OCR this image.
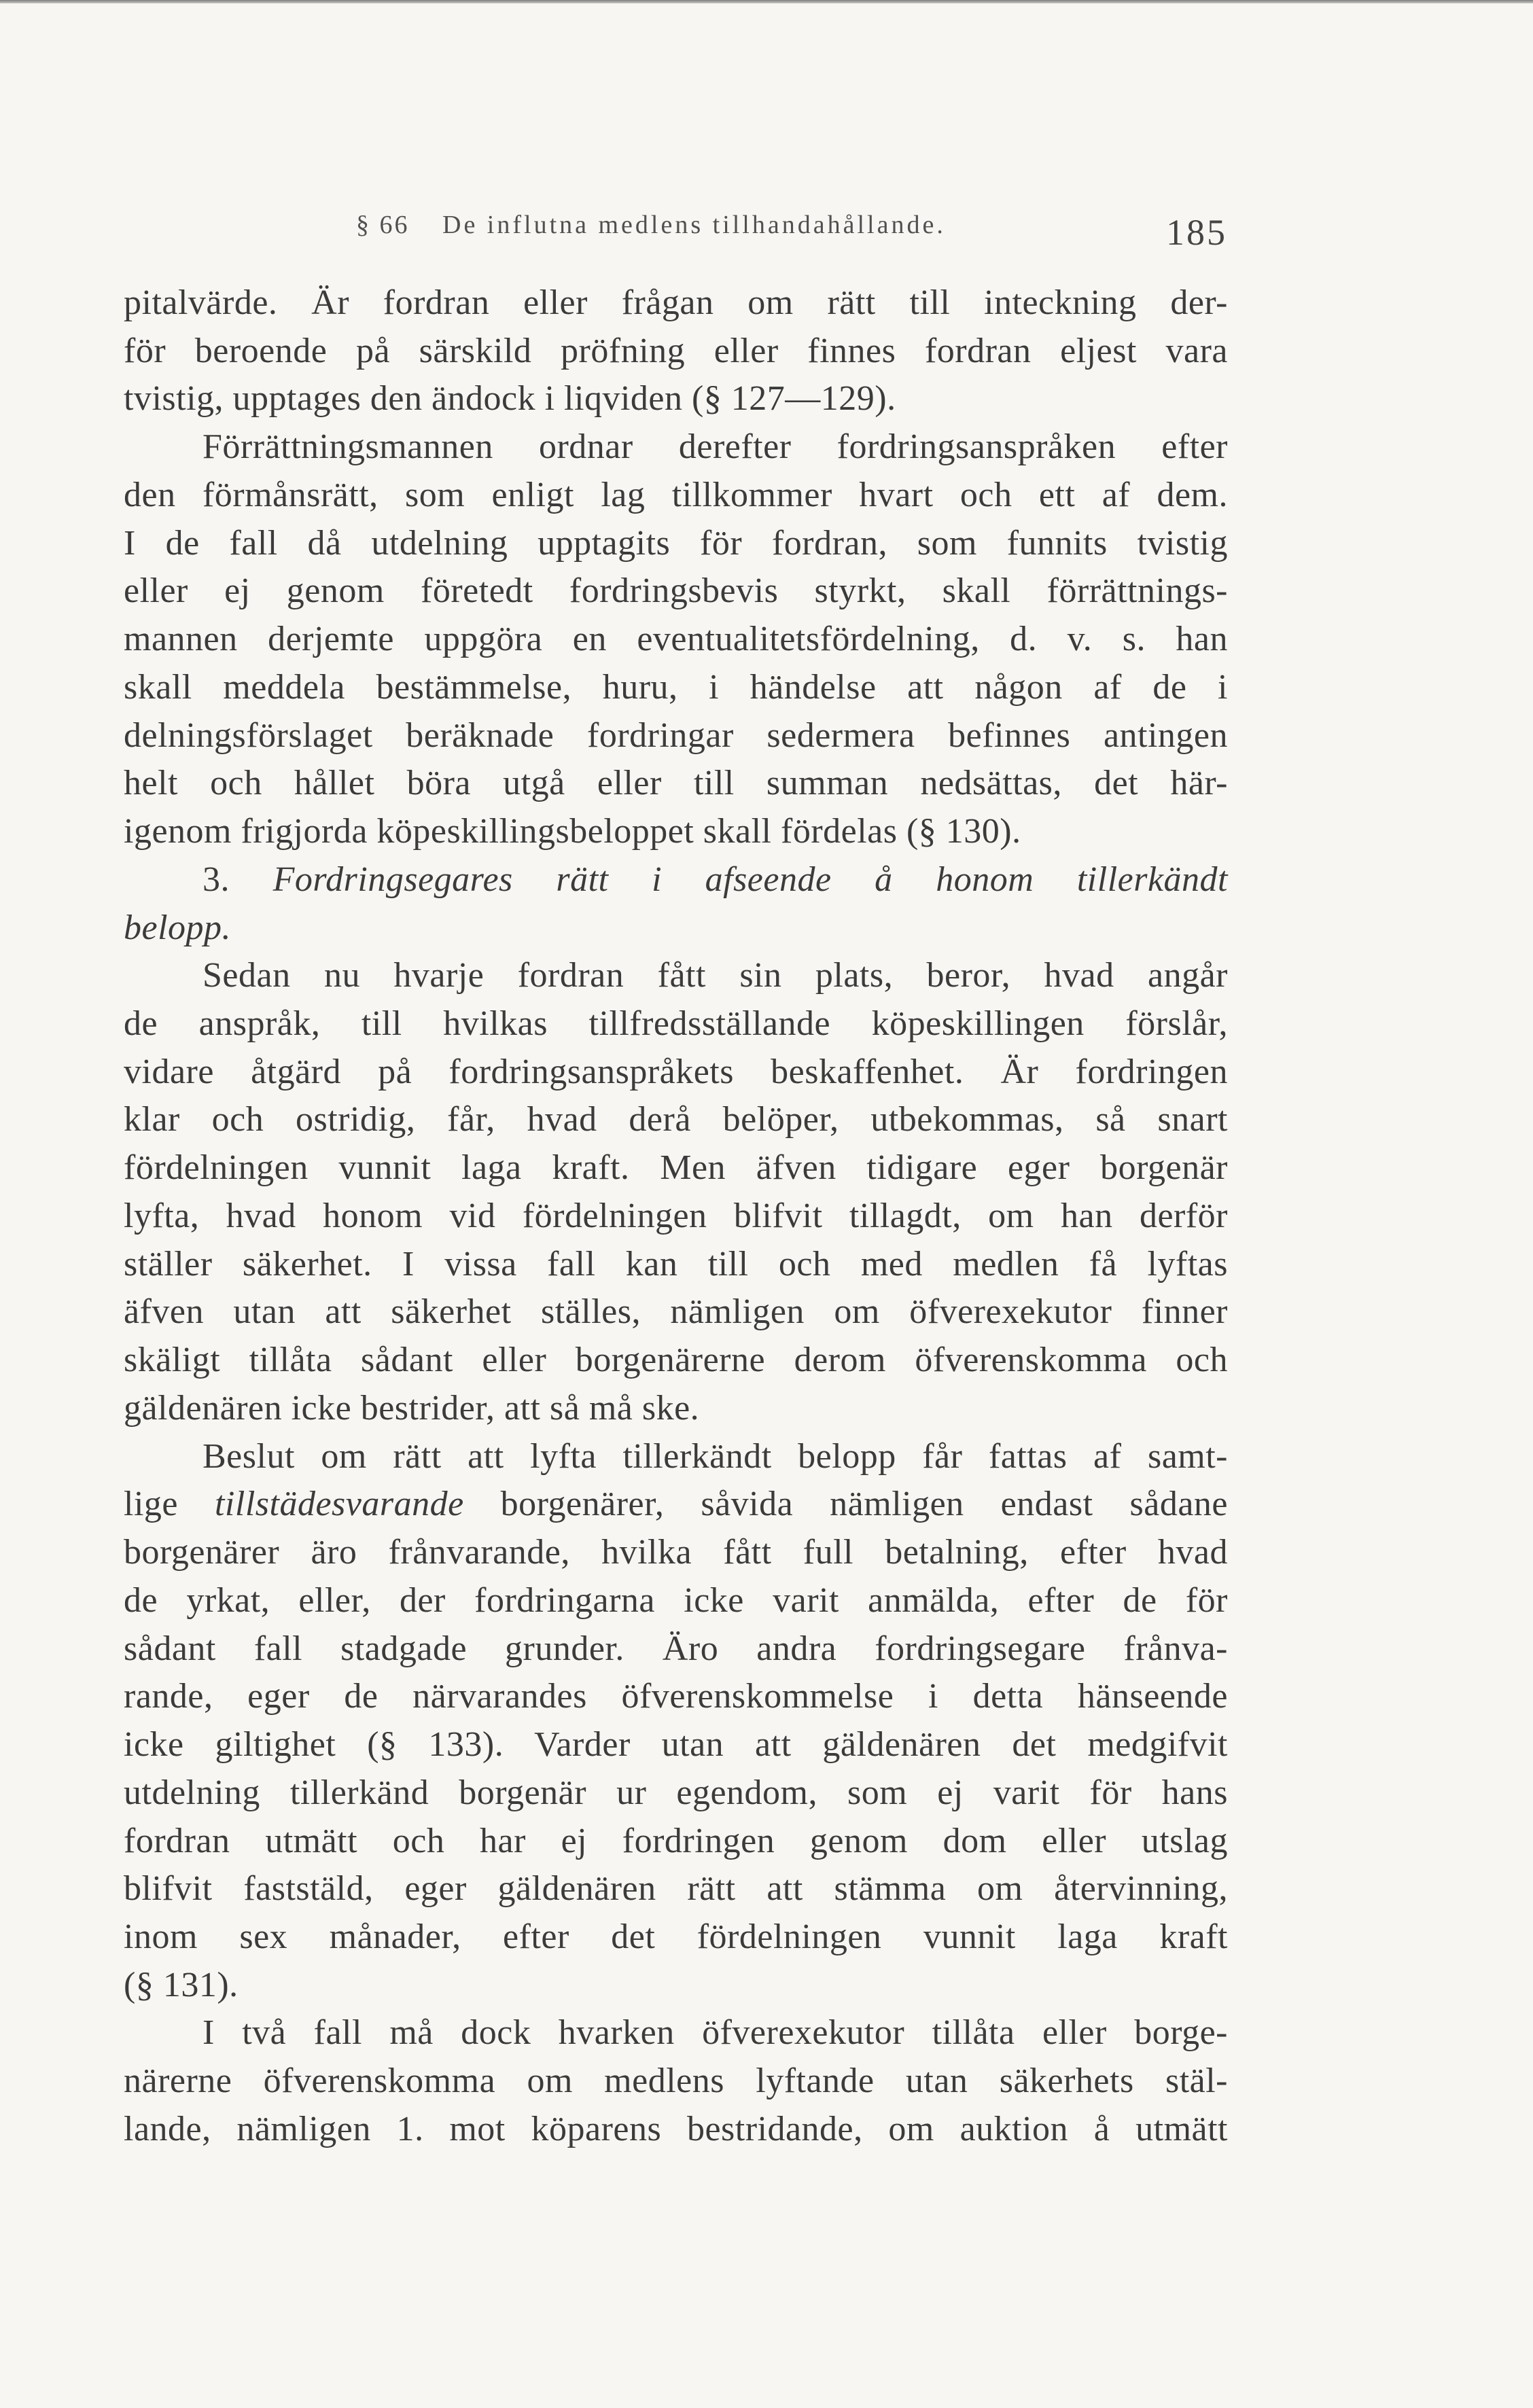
§ 66 De influtna medlens tillhandahållande.	185
pitalvärde. Är fordran eller frågan om rätt till inteckning der-
för beroende på särskild pröfning eller finnes fordran eljest vara
tvistig, upptages den ändock i liqviden (§ 127—129).
Förrättningsmannen ordnar derefter fordringsanspråken efter
den förmånsrätt, som enligt lag tillkommer hvart och ett af dem.
I de fall då utdelning upptagits för fordran, som funnits tvistig
eller ej genom företedt fordringsbevis styrkt, skall förrättnings-
mannen derjemte uppgöra en eventualitetsfördelning, d. v. s. han
skall meddela bestämmelse, huru, i händelse att någon af de i
delningsförslaget beräknade fordringar sedermera befinnes antingen
helt och hållet böra utgå eller till summan nedsättas, det här-
igenom frigjorda köpeskillingsbeloppet skall fördelas (§ 130).
3. Fordringsegares rätt i afseende å honom tillerkändt
belopp.
Sedan nu hvarje fordran fått sin plats, beror, hvad angår
de anspråk, till hvilkas tillfredsställande köpeskillingen förslår,
vidare åtgärd på fordringsanspråkets beskaffenhet. Är fordringen
klar och ostridig, får, hvad derå belöper, utbekommas, så snart
fördelningen vunnit laga kraft. Men äfven tidigare eger borgenär
lyfta, hvad honom vid fördelningen blifvit tillagdt, om han derför
ställer säkerhet. I vissa fall kan till och med medlen få lyftas
äfven utan att säkerhet ställes, nämligen om öfverexekutor finner
skäligt tillåta sådant eller borgenärerne derom öfverenskomma och
gäldenären icke bestrider, att så må ske.
Beslut om rätt att lyfta tillerkändt belopp får fattas af samt-
lige tillstädesvarande borgenärer, såvida nämligen endast sådane
borgenärer äro frånvarande, hvilka fått full betalning, efter hvad
de yrkat, eller, der fordringarna icke varit anmälda, efter de för
sådant fall stadgade grunder. Äro andra fordringsegare frånva-
rande, eger de närvarandes öfverenskommelse i detta hänseende
icke giltighet (§ 133). Varder utan att gäldenären det medgifvit
utdelning tillerkänd borgenär ur egendom, som ej varit för hans
fordran utmätt och har ej fordringen genom dom eller utslag
blifvit faststäld, eger gäldenären rätt att stämma om återvinning,
inom sex månader, efter det fördelningen vunnit laga kraft
(§ 131).
I två fall må dock hvarken öfverexekutor tillåta eller borge-
närerne öfverenskomma om medlens lyftande utan säkerhets stäl-
lande, nämligen 1. mot köparens bestridande, om auktion å utmätt
